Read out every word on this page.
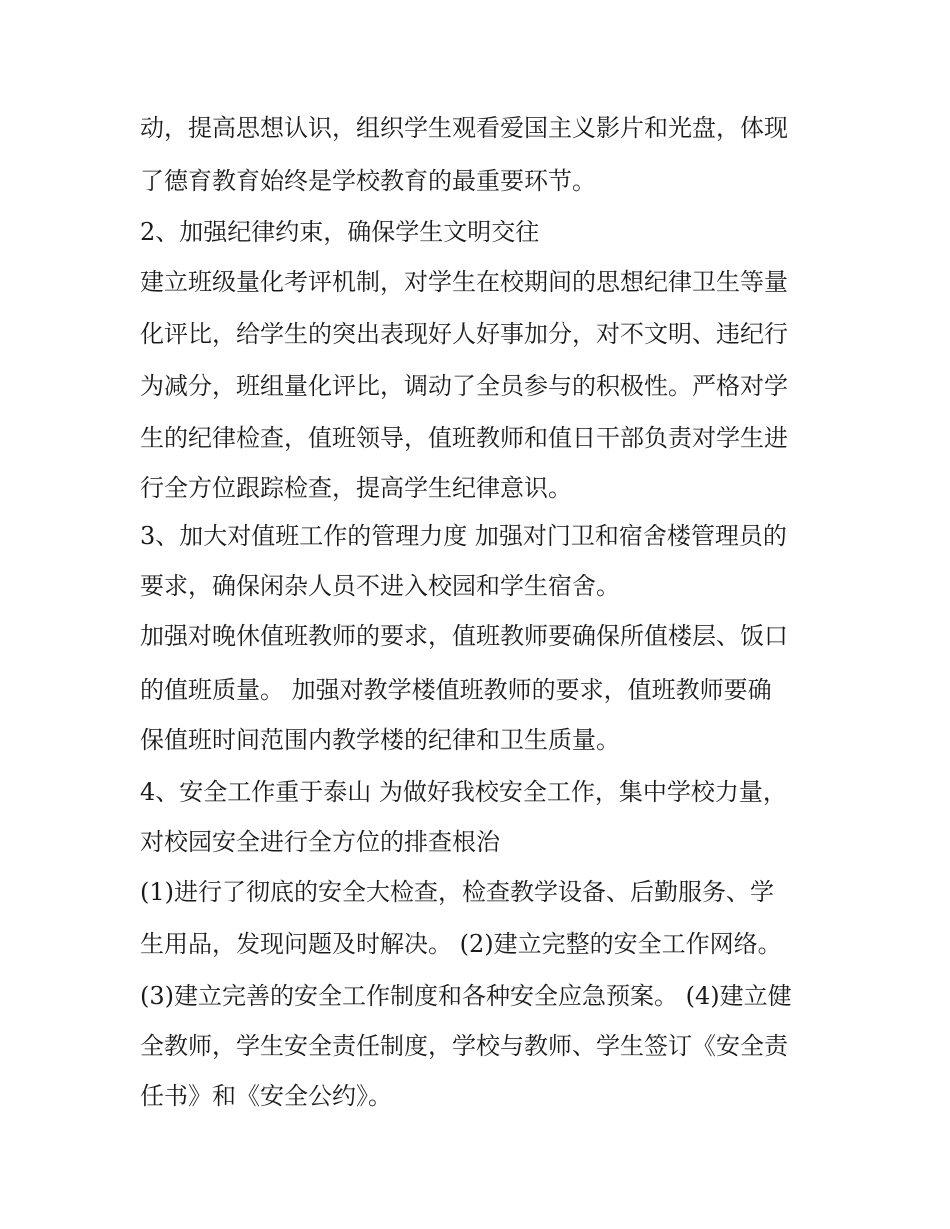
动，提高思想认识，组织学生观看爱国主义影片和光盘，体现
了德育教育始终是学校教育的最重要环节。
2、加强纪律约束，确保学生文明交往
建立班级量化考评机制，对学生在校期间的思想纪律卫生等量
化评比，给学生的突出表现好人好事加分，对不文明、违纪行
为减分，班组量化评比，调动了全员参与的积极性。严格对学
生的纪律检查，值班领导，值班教师和值日干部负责对学生进
行全方位跟踪检查，提高学生纪律意识。
3、加大对值班工作的管理力度 加强对门卫和宿舍楼管理员的
要求，确保闲杂人员不进入校园和学生宿舍。
加强对晚休值班教师的要求，值班教师要确保所值楼层、饭口
的值班质量。 加强对教学楼值班教师的要求，值班教师要确
保值班时间范围内教学楼的纪律和卫生质量。
4、安全工作重于泰山 为做好我校安全工作，集中学校力量，
对校园安全进行全方位的排查根治
(1)进行了彻底的安全大检查，检查教学设备、后勤服务、学
生用品，发现问题及时解决。 (2)建立完整的安全工作网络。
(3)建立完善的安全工作制度和各种安全应急预案。 (4)建立健
全教师，学生安全责任制度，学校与教师、学生签订《安全责
任书》和《安全公约》。
